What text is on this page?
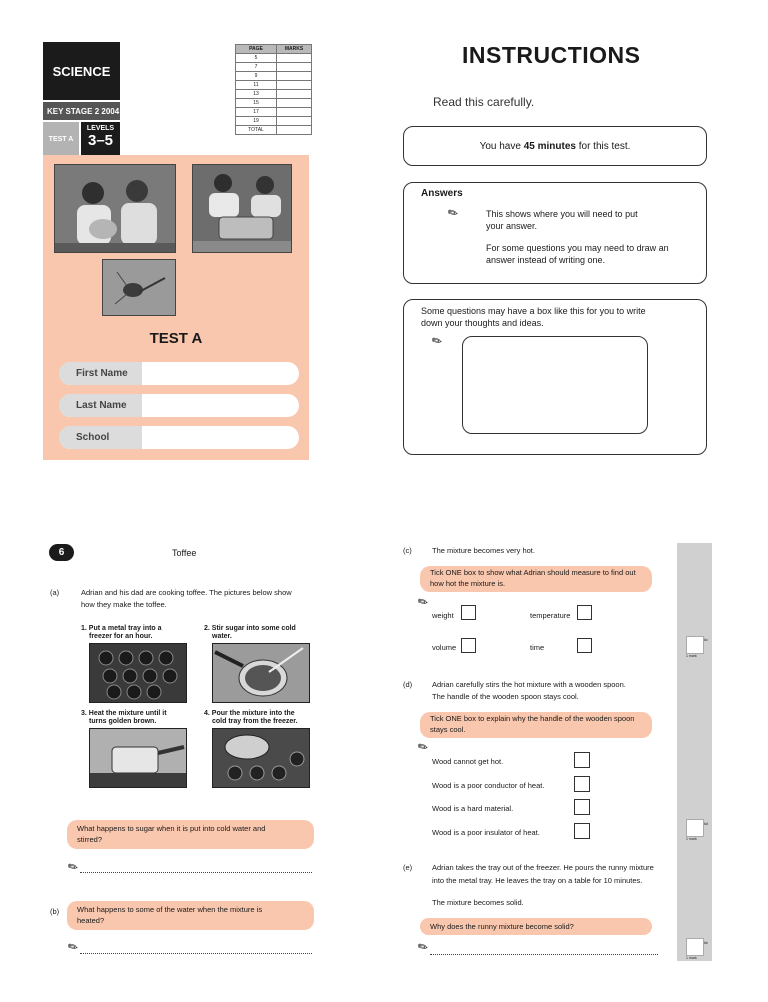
SCIENCE
KEY STAGE 2 2004
TEST A
LEVELS
3–5
PAGE	MARKS
5	
7	
9	
11	
13	
15	
17	
19	
TOTAL	
TEST A
First Name
Last Name
School
INSTRUCTIONS
Read this carefully.
You have 45 minutes for this test.
Answers
✎	This shows where you will need to put
your answer.
For some questions you may need to draw an
answer instead of writing one.
Some questions may have a box like this for you to write
down your thoughts and ideas.
✎
6	Toffee
(a)	Adrian and his dad are cooking toffee. The pictures below show
how they make the toffee.
1. Put a metal tray into a
freezer for an hour.
2. Stir sugar into some cold
water.
3. Heat the mixture until it
turns golden brown.
4. Pour the mixture into the
cold tray from the freezer.
What happens to sugar when it is put into cold water and
stirred?
✎
(b) What happens to some of the water when the mixture is
heated?
✎
6c
1 mark
6d
1 mark
6e
1 mark
(c)	The mixture becomes very hot.
Tick ONE box to show what Adrian should measure to find out
how hot the mixture is.
✎
weight	temperature
volume	time
(d)	Adrian carefully stirs the hot mixture with a wooden spoon.
The handle of the wooden spoon stays cool.
Tick ONE box to explain why the handle of the wooden spoon
stays cool.
✎
Wood cannot get hot.
Wood is a poor conductor of heat.
Wood is a hard material.
Wood is a poor insulator of heat.
(e)	Adrian takes the tray out of the freezer. He pours the runny mixture
into the metal tray. He leaves the tray on a table for 10 minutes.
The mixture becomes solid.
Why does the runny mixture become solid?
✎
